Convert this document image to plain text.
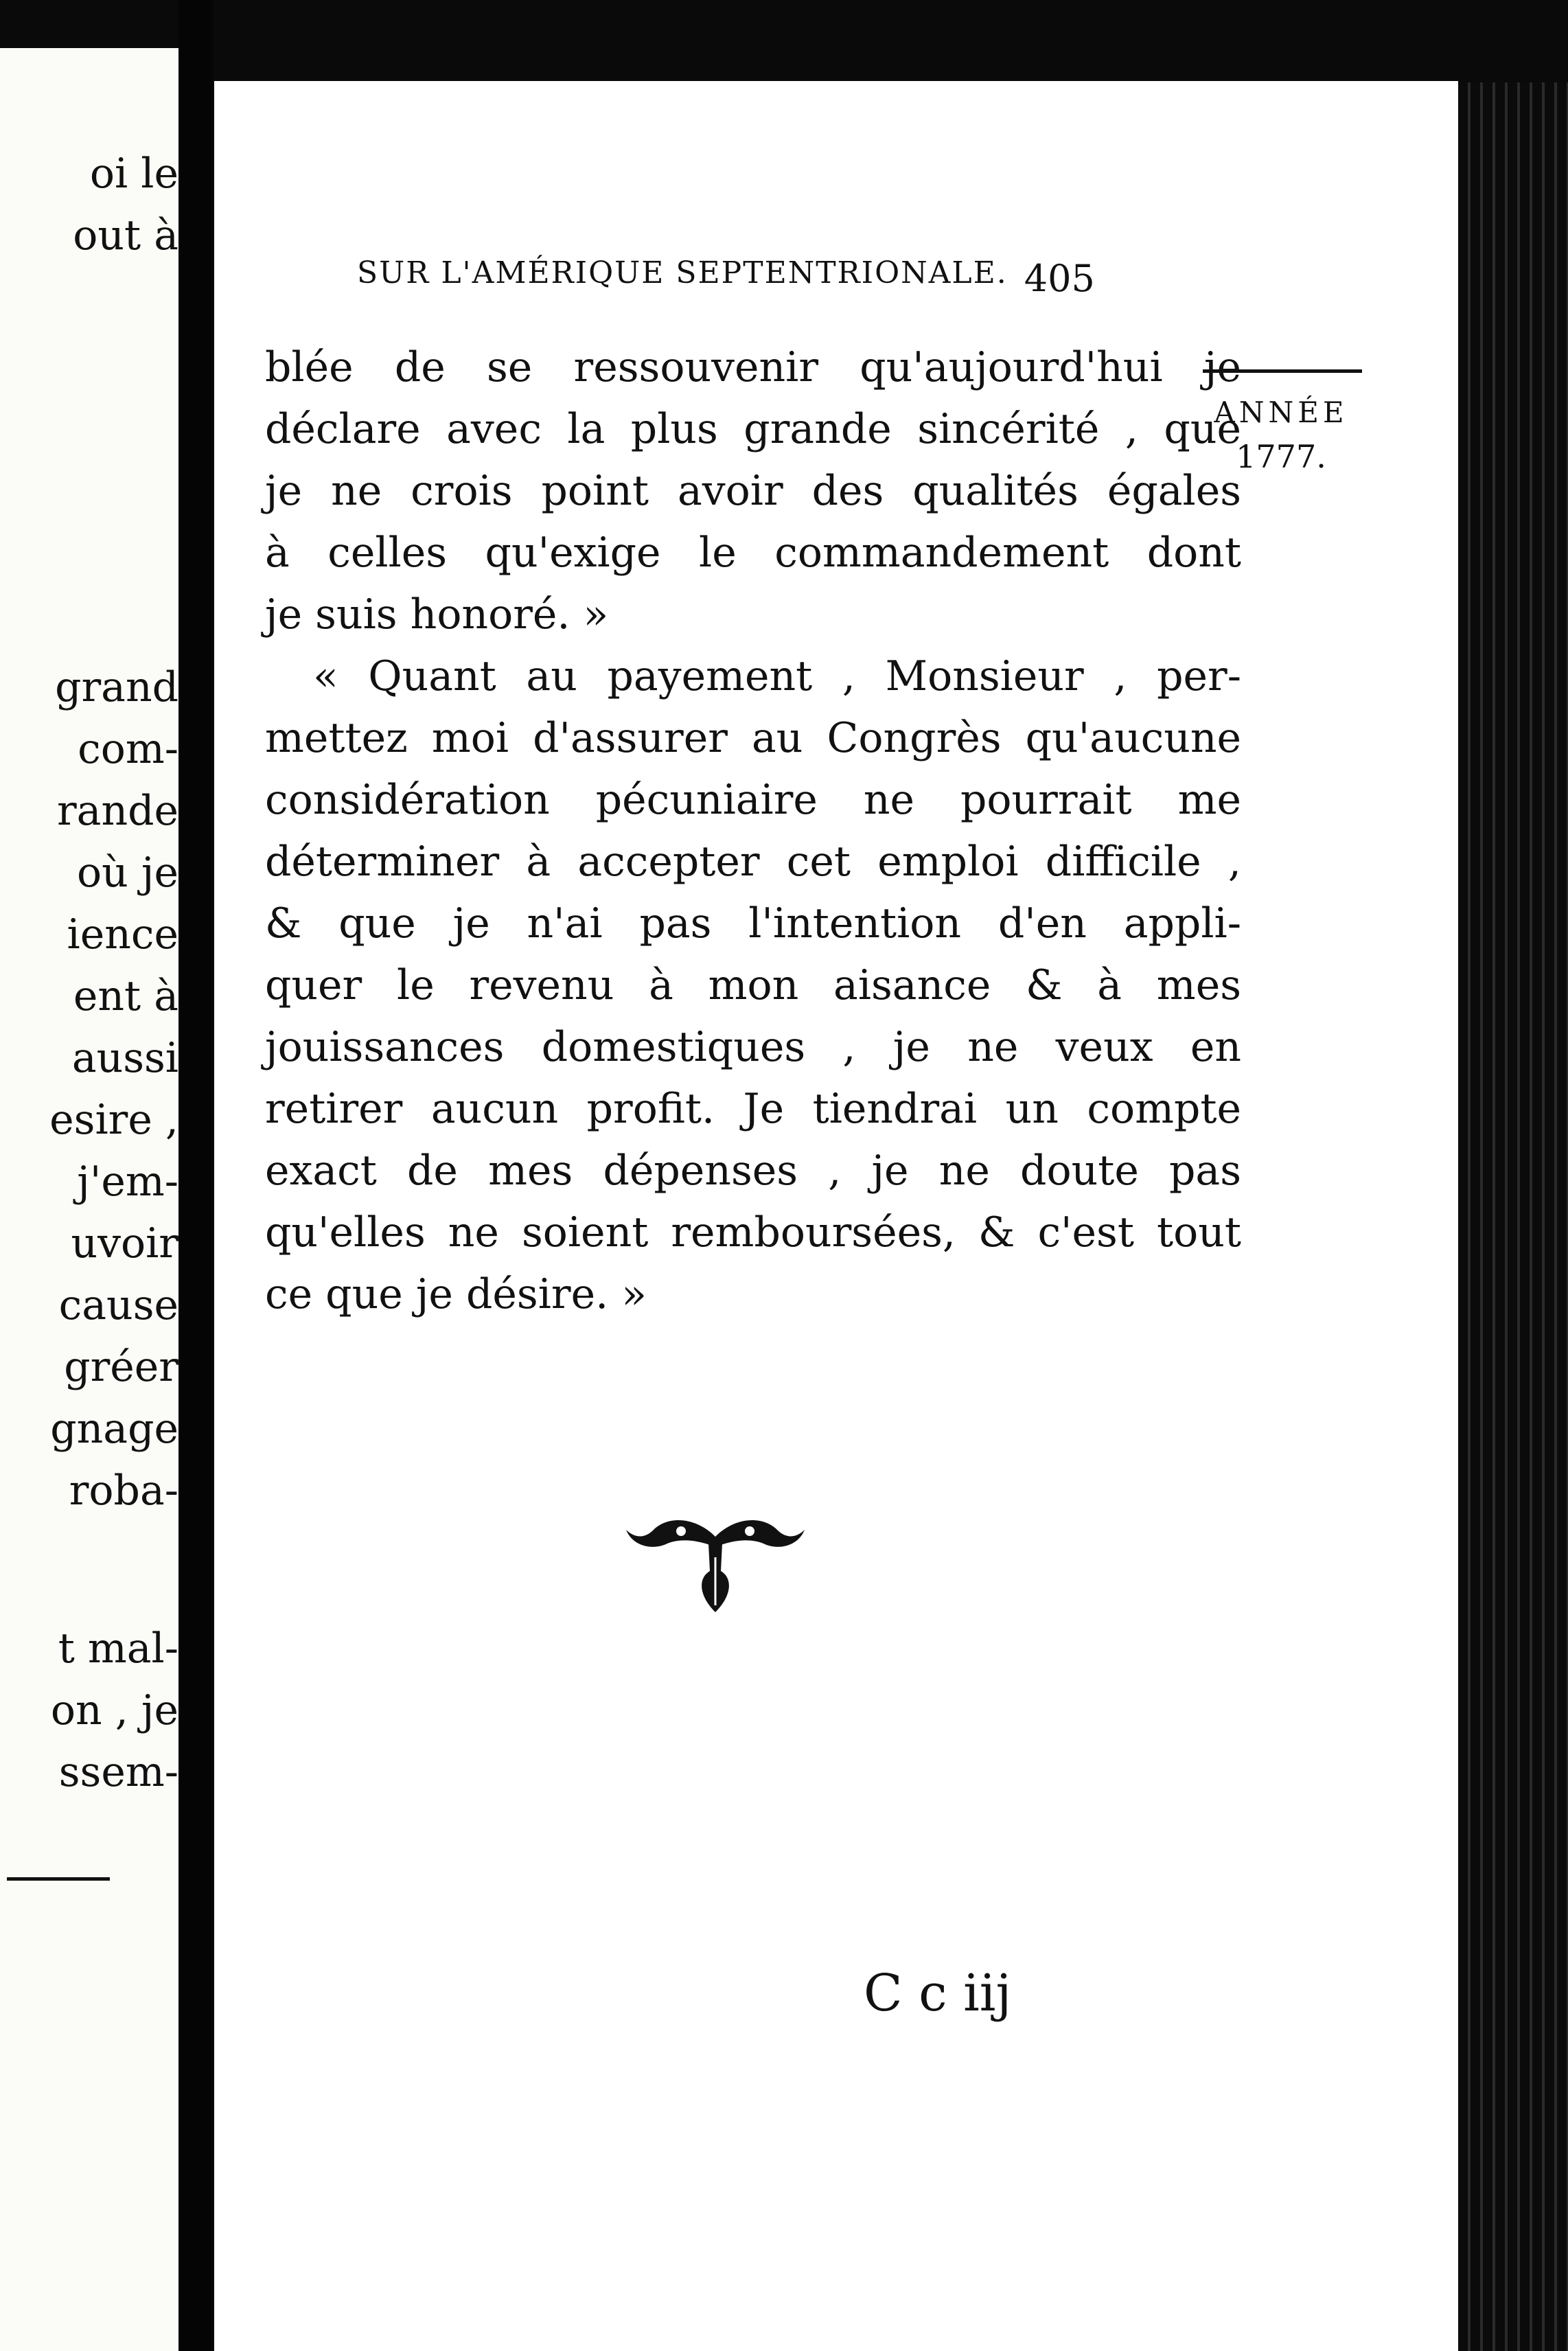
oi le
out à
grand
com-
rande
où je
ience
ent à
aussi
esire ,
j'em-
uvoir
cause
gréer
gnage
roba-
t mal-
on , je
ssem-
SUR L'AMÉRIQUE SEPTENTRIONALE. 405
ANNÉE
1777.
blée de se ressouvenir qu'aujourd'hui je
déclare avec la plus grande sincérité , que
je ne crois point avoir des qualités égales
à celles qu'exige le commandement dont
je suis honoré. »
« Quant au payement , Monsieur , per-
mettez moi d'assurer au Congrès qu'aucune
considération pécuniaire ne pourrait me
déterminer à accepter cet emploi difficile ,
& que je n'ai pas l'intention d'en appli-
quer le revenu à mon aisance & à mes
jouissances domestiques , je ne veux en
retirer aucun profit. Je tiendrai un compte
exact de mes dépenses , je ne doute pas
qu'elles ne soient remboursées, & c'est tout
ce que je désire. »
C c iij
